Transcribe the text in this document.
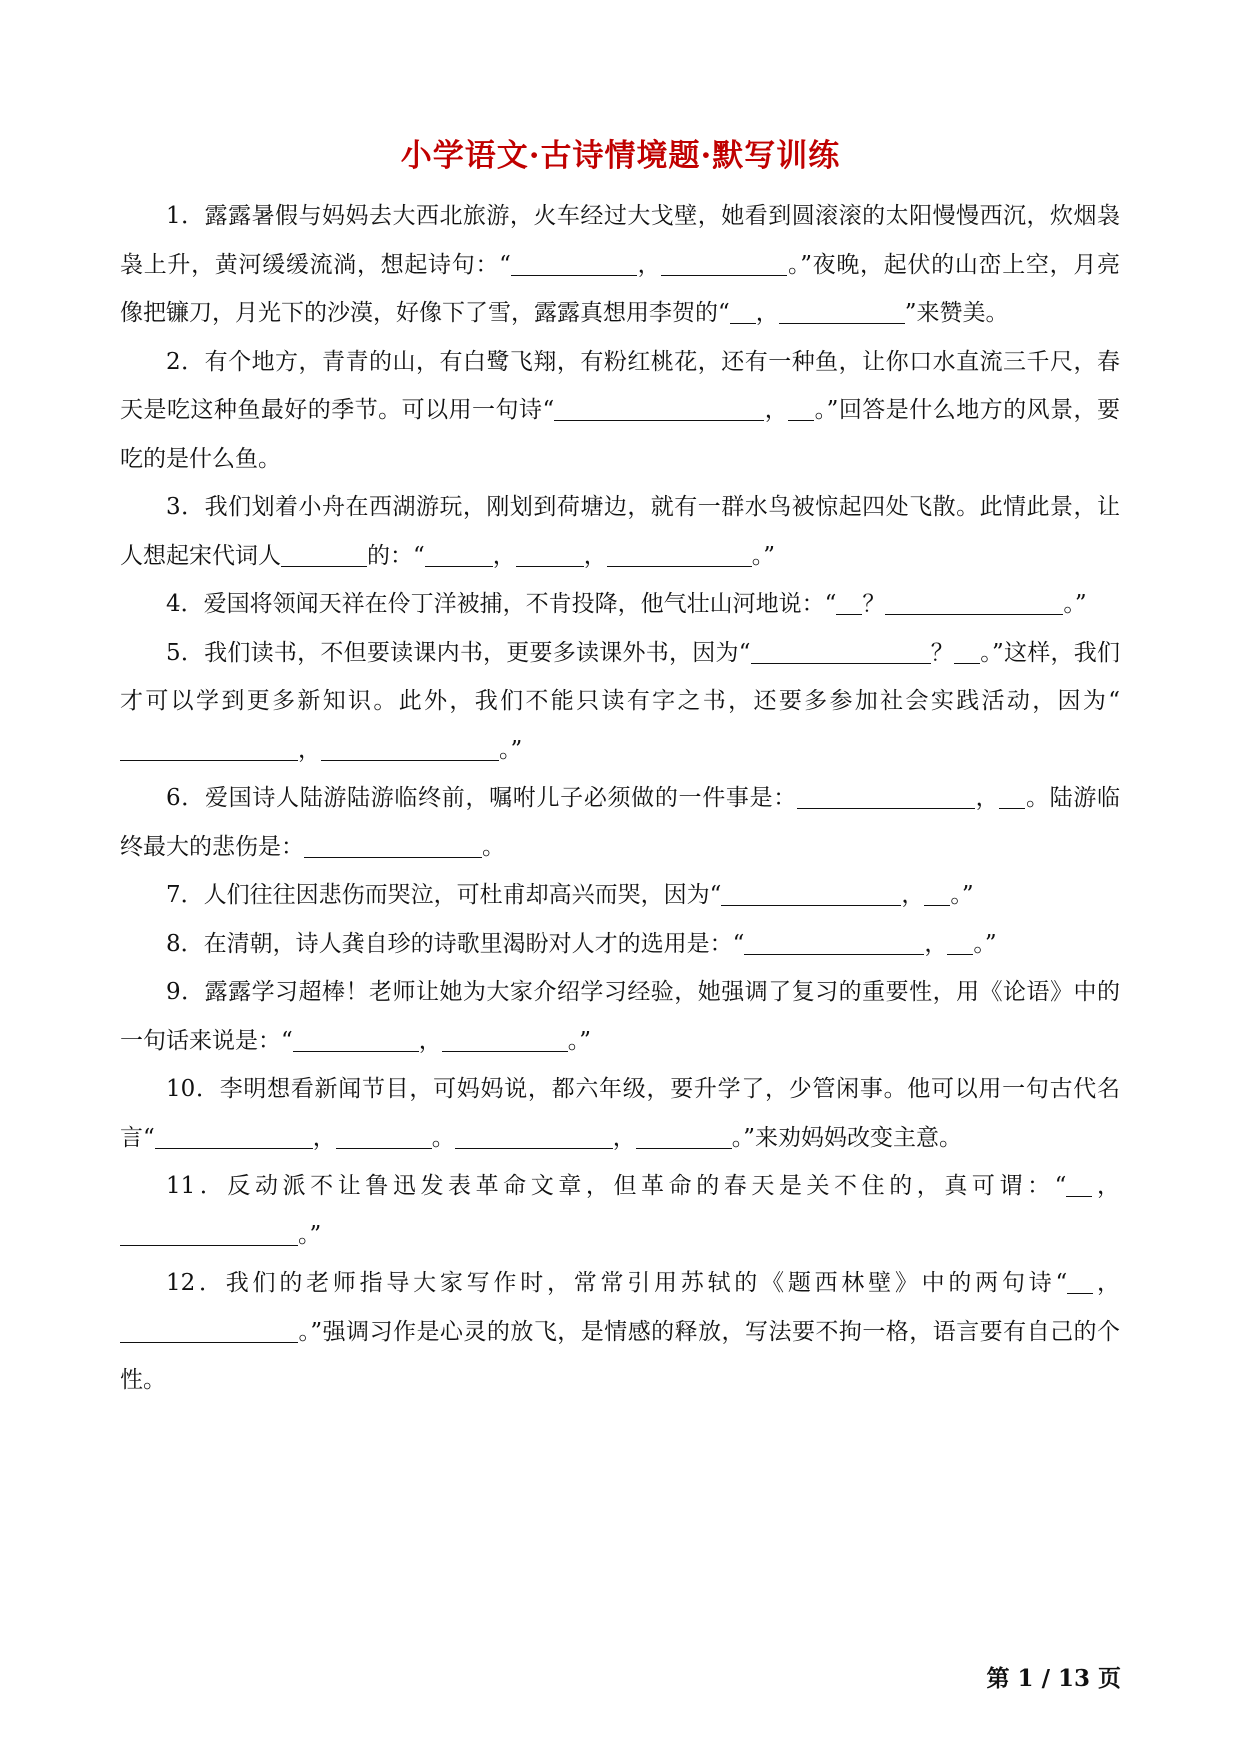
小学语文·古诗情境题·默写训练

1．露露暑假与妈妈去大西北旅游，火车经过大戈壁，她看到圆滚滚的太阳慢慢西沉，炊烟袅袅上升，黄河缓缓流淌，想起诗句：“	，	。”夜晚，起伏的山峦上空，月亮像把镰刀，月光下的沙漠，好像下了雪，露露真想用李贺的“ ，	”来赞美。

2．有个地方，青青的山，有白鹭飞翔，有粉红桃花，还有一种鱼，让你口水直流三千尺，春天是吃这种鱼最好的季节。可以用一句诗“	， 。”回答是什么地方的风景，要吃的是什么鱼。

3．我们划着小舟在西湖游玩，刚划到荷塘边，就有一群水鸟被惊起四处飞散。此情此景，让人想起宋代词人	的：“	，	，	。”

4．爱国将领闻天祥在伶丁洋被捕，不肯投降，他气壮山河地说：“ ？	。”

5．我们读书，不但要读课内书，更要多读课外书，因为“	？ 。”这样，我们才可以学到更多新知识。此外，我们不能只读有字之书，还要多参加社会实践活动，因为“，	。”

6．爱国诗人陆游陆游临终前，嘱咐儿子必须做的一件事是：	， 。陆游临终最大的悲伤是：	。

7．人们往往因悲伤而哭泣，可杜甫却高兴而哭，因为“	， 。”

8．在清朝，诗人龚自珍的诗歌里渴盼对人才的选用是：“	， 。”

9．露露学习超棒！老师让她为大家介绍学习经验，她强调了复习的重要性，用《论语》中的一句话来说是：“	，	。”

10．李明想看新闻节目，可妈妈说，都六年级，要升学了，少管闲事。他可以用一句古代名言“	，	。	，	。”来劝妈妈改变主意。

11．反动派不让鲁迅发表革命文章，但革命的春天是关不住的，真可谓：“ ，。”

12．我们的老师指导大家写作时，常常引用苏轼的《题西林壁》中的两句诗“ ，。”强调习作是心灵的放飞，是情感的释放，写法要不拘一格，语言要有自己的个性。

第 1 / 13 页
